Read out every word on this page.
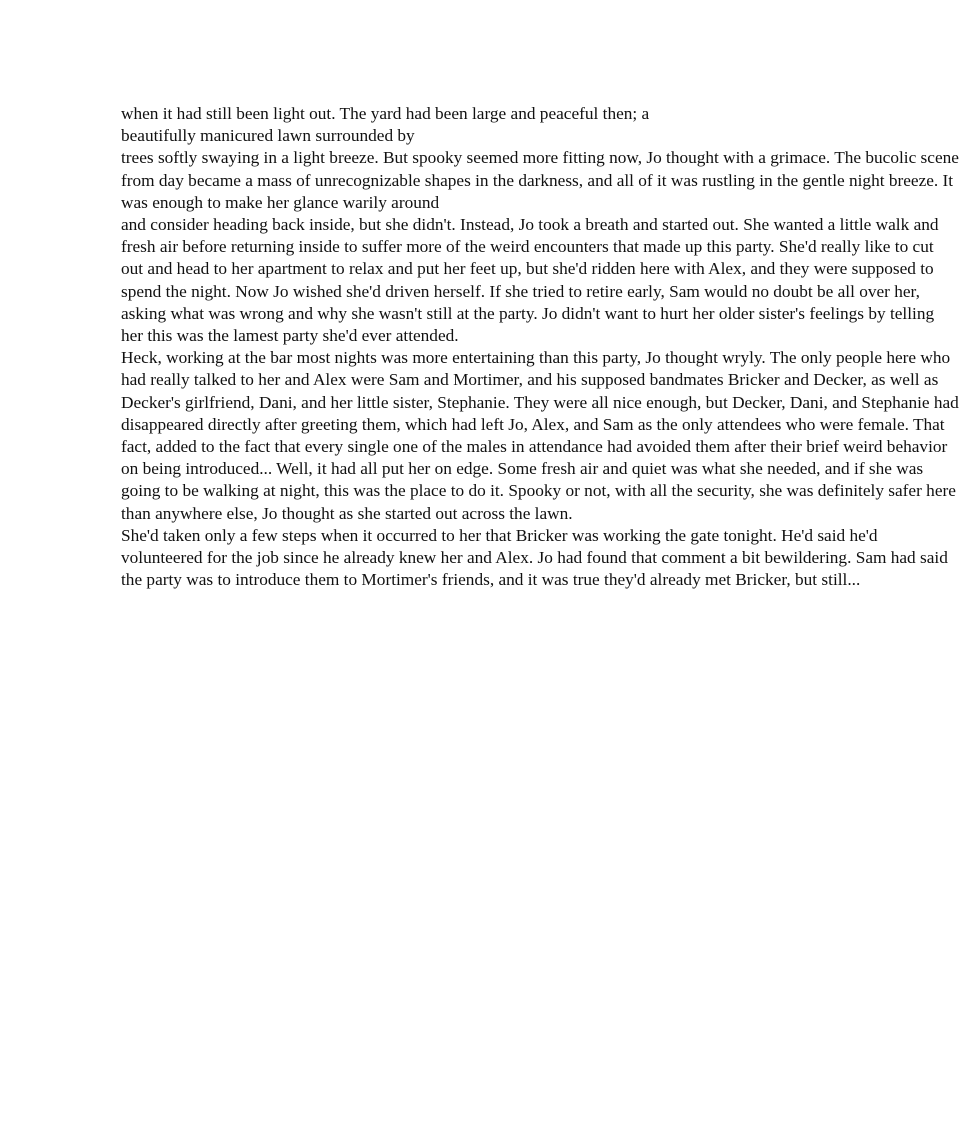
when it had still been light out. The yard had been large and peaceful then; a
beautifully manicured lawn surrounded by
trees softly swaying in a light breeze. But spooky seemed more fitting now, Jo thought with a grimace. The bucolic scene
from day became a mass of unrecognizable shapes in the darkness, and all of it was rustling in the gentle night breeze. It
was enough to make her glance warily around
and consider heading back inside, but she didn't. Instead, Jo took a breath and started out. She wanted a little walk and
fresh air before returning inside to suffer more of the weird encounters that made up this party. She'd really like to cut
out and head to her apartment to relax and put her feet up, but she'd ridden here with Alex, and they were supposed to
spend the night. Now Jo wished she'd driven herself. If she tried to retire early, Sam would no doubt be all over her,
asking what was wrong and why she wasn't still at the party. Jo didn't want to hurt her older sister's feelings by telling
her this was the lamest party she'd ever attended.
Heck, working at the bar most nights was more entertaining than this party, Jo thought wryly. The only people here who
had really talked to her and Alex were Sam and Mortimer, and his supposed bandmates Bricker and Decker, as well as
Decker's girlfriend, Dani, and her little sister, Stephanie. They were all nice enough, but Decker, Dani, and Stephanie had
disappeared directly after greeting them, which had left Jo, Alex, and Sam as the only attendees who were female. That
fact, added to the fact that every single one of the males in attendance had avoided them after their brief weird behavior
on being introduced... Well, it had all put her on edge. Some fresh air and quiet was what she needed, and if she was
going to be walking at night, this was the place to do it. Spooky or not, with all the security, she was definitely safer here
than anywhere else, Jo thought as she started out across the lawn.
She'd taken only a few steps when it occurred to her that Bricker was working the gate tonight. He'd said he'd
volunteered for the job since he already knew her and Alex. Jo had found that comment a bit bewildering. Sam had said
the party was to introduce them to Mortimer's friends, and it was true they'd already met Bricker, but still...
